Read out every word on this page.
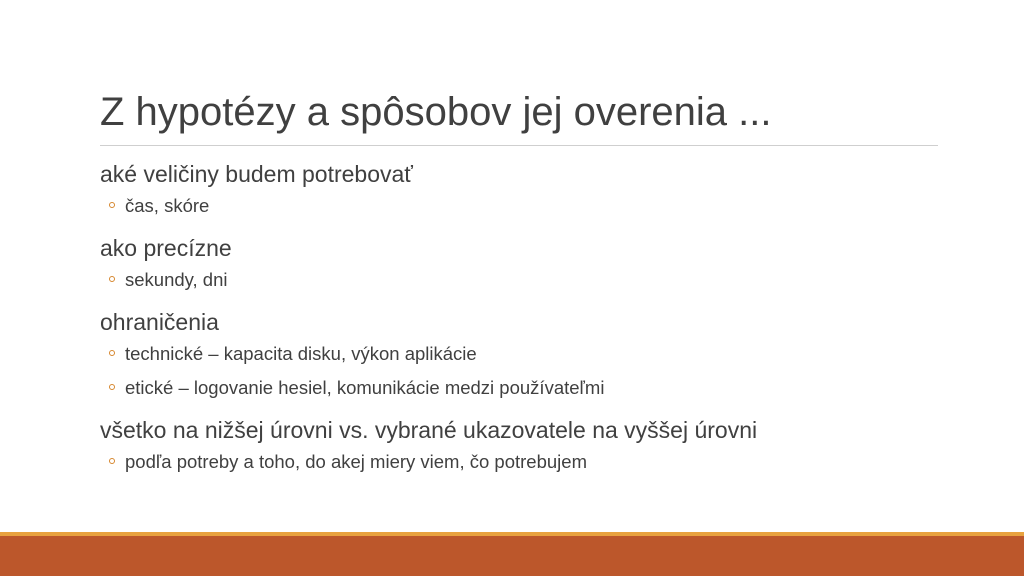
Z hypotézy a spôsobov jej overenia ...

aké veličiny budem potrebovať

čas, skóre

ako precízne

sekundy, dni

ohraničenia

technické – kapacita disku, výkon aplikácie

etické – logovanie hesiel, komunikácie medzi používateľmi

všetko na nižšej úrovni vs. vybrané ukazovatele na vyššej úrovni

podľa potreby a toho, do akej miery viem, čo potrebujem
